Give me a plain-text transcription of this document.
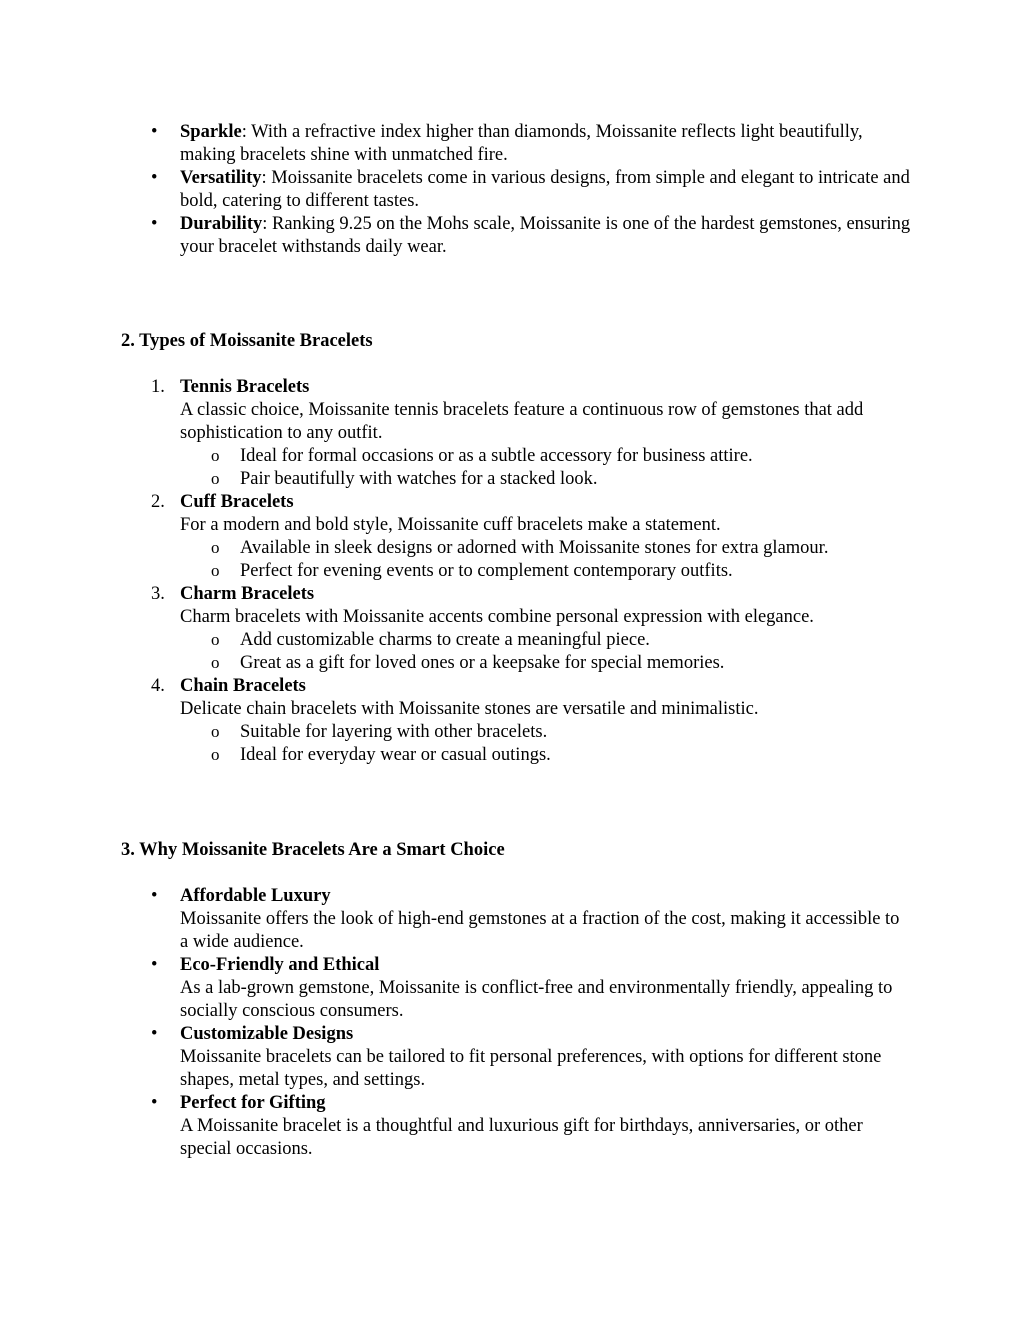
• Sparkle: With a refractive index higher than diamonds, Moissanite reflects light beautifully, making bracelets shine with unmatched fire.
• Versatility: Moissanite bracelets come in various designs, from simple and elegant to intricate and bold, catering to different tastes.
• Durability: Ranking 9.25 on the Mohs scale, Moissanite is one of the hardest gemstones, ensuring your bracelet withstands daily wear.
2. Types of Moissanite Bracelets
1. Tennis Bracelets
A classic choice, Moissanite tennis bracelets feature a continuous row of gemstones that add sophistication to any outfit.
o Ideal for formal occasions or as a subtle accessory for business attire.
o Pair beautifully with watches for a stacked look.
2. Cuff Bracelets
For a modern and bold style, Moissanite cuff bracelets make a statement.
o Available in sleek designs or adorned with Moissanite stones for extra glamour.
o Perfect for evening events or to complement contemporary outfits.
3. Charm Bracelets
Charm bracelets with Moissanite accents combine personal expression with elegance.
o Add customizable charms to create a meaningful piece.
o Great as a gift for loved ones or a keepsake for special memories.
4. Chain Bracelets
Delicate chain bracelets with Moissanite stones are versatile and minimalistic.
o Suitable for layering with other bracelets.
o Ideal for everyday wear or casual outings.
3. Why Moissanite Bracelets Are a Smart Choice
• Affordable Luxury
Moissanite offers the look of high-end gemstones at a fraction of the cost, making it accessible to a wide audience.
• Eco-Friendly and Ethical
As a lab-grown gemstone, Moissanite is conflict-free and environmentally friendly, appealing to socially conscious consumers.
• Customizable Designs
Moissanite bracelets can be tailored to fit personal preferences, with options for different stone shapes, metal types, and settings.
• Perfect for Gifting
A Moissanite bracelet is a thoughtful and luxurious gift for birthdays, anniversaries, or other special occasions.
